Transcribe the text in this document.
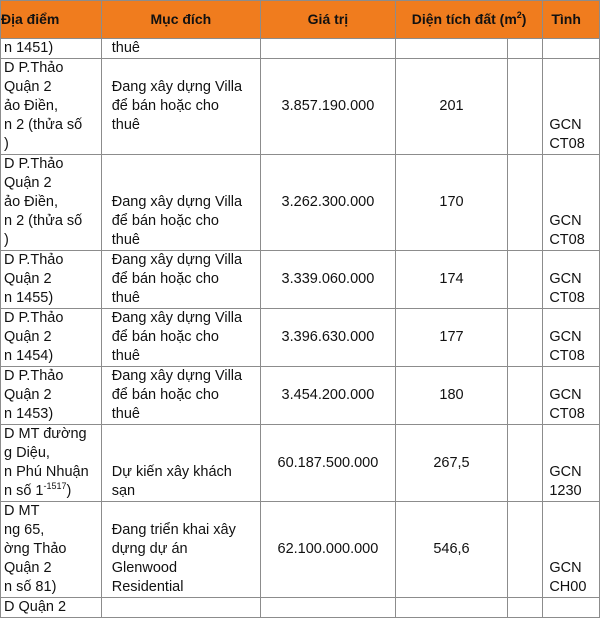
Địa điểm	Mục đích	Giá trị	Diện tích đất $(m^2)$		Tình
n 1451)	thuê				

D P.Thảo
Quận 2
ảo Điền,
n 2 (thửa số
)	Đang xây dựng Villa
để bán hoặc cho
thuê	3.857.190.000	201		GCN
CT08

D P.Thảo
Quận 2
ảo Điền,
n 2 (thửa số
)	Đang xây dựng Villa
để bán hoặc cho
thuê	3.262.300.000	170		GCN
CT08

D P.Thảo
Quận 2
n 1455)	Đang xây dựng Villa
để bán hoặc cho
thuê	3.339.060.000	174		GCN
CT08

D P.Thảo
Quận 2
n 1454)	Đang xây dựng Villa
để bán hoặc cho
thuê	3.396.630.000	177		GCN
CT08

D P.Thảo
Quận 2
n 1453)	Đang xây dựng Villa
để bán hoặc cho
thuê	3.454.200.000	180		GCN
CT08

D MT đường
g Diệu,
n Phú Nhuận
n số $1^{-1517}$)	Dự kiến xây khách
sạn	60.187.500.000	267,5		GCN
1230

D MT
ng 65,
ờng Thảo
Quận 2
n số 81)	Đang triển khai xây
dựng dự án
Glenwood
Residential	62.100.000.000	546,6		GCN
CH00

D Quận 2					
